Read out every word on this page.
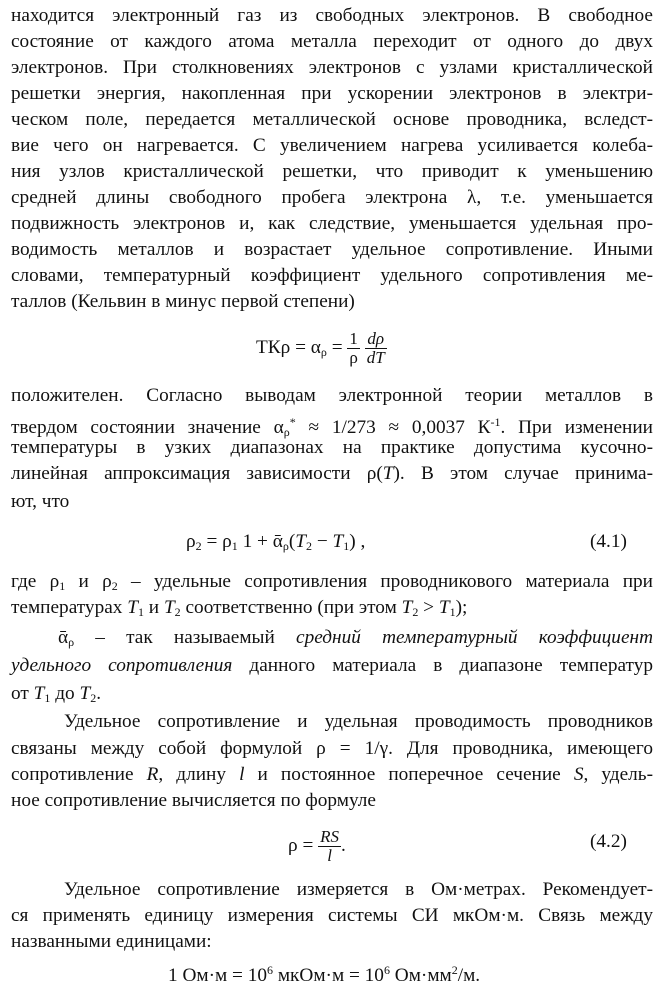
находится электронный газ из свободных электронов. В свободное
состояние от каждого атома металла переходит от одного до двух
электронов. При столкновениях электронов с узлами кристаллической
решетки энергия, накопленная при ускорении электронов в электри-
ческом поле, передается металлической основе проводника, вследст-
вие чего он нагревается. С увеличением нагрева усиливается колеба-
ния узлов кристаллической решетки, что приводит к уменьшению
средней длины свободного пробега электрона λ, т.е. уменьшается
подвижность электронов и, как следствие, уменьшается удельная про-
водимость металлов и возрастает удельное сопротивление. Иными
словами, температурный коэффициент удельного сопротивления ме-
таллов (Кельвин в минус первой степени)
$ТК\rho = \alpha_\rho = \frac{1}{\rho}$
$\frac{d\rho}{dT}$
положителен. Согласно выводам электронной теории металлов в
твердом состоянии значение $\alpha_\rho^* \approx 1/273 \approx 0,0037$ $К^{-1}$. При изменении
температуры в узких диапазонах на практике допустима кусочно-
линейная аппроксимация зависимости ρ(T). В этом случае принима-
ют, что
$\rho_2 = \rho_1$ $1 + ᾱ_\rho(T_2 - T_1)$ ,	(4.1)
где $\rho_1$ и $\rho_2$ – удельные сопротивления проводникового материала при
температурах $T_1$ и $T_2$ соответственно (при этом $T_2 > T_1$);
ᾱ$_\rho$ – так называемый средний температурный коэффициент
удельного сопротивления данного материала в диапазоне температур
от $T_1$ до $T_2$.
Удельное сопротивление и удельная проводимость проводников
связаны между собой формулой ρ = 1/γ. Для проводника, имеющего
сопротивление R, длину l и постоянное поперечное сечение S, удель-
ное сопротивление вычисляется по формуле
$\rho = \frac{RS}{l}$ .	(4.2)
Удельное сопротивление измеряется в Ом·метрах. Рекомендует-
ся применять единицу измерения системы СИ мкОм·м. Связь между
названными единицами:
1 $Ом\cdot м = 10^6$ мкОм·м = $10^6$ $Ом\cdot мм^2/м$.
